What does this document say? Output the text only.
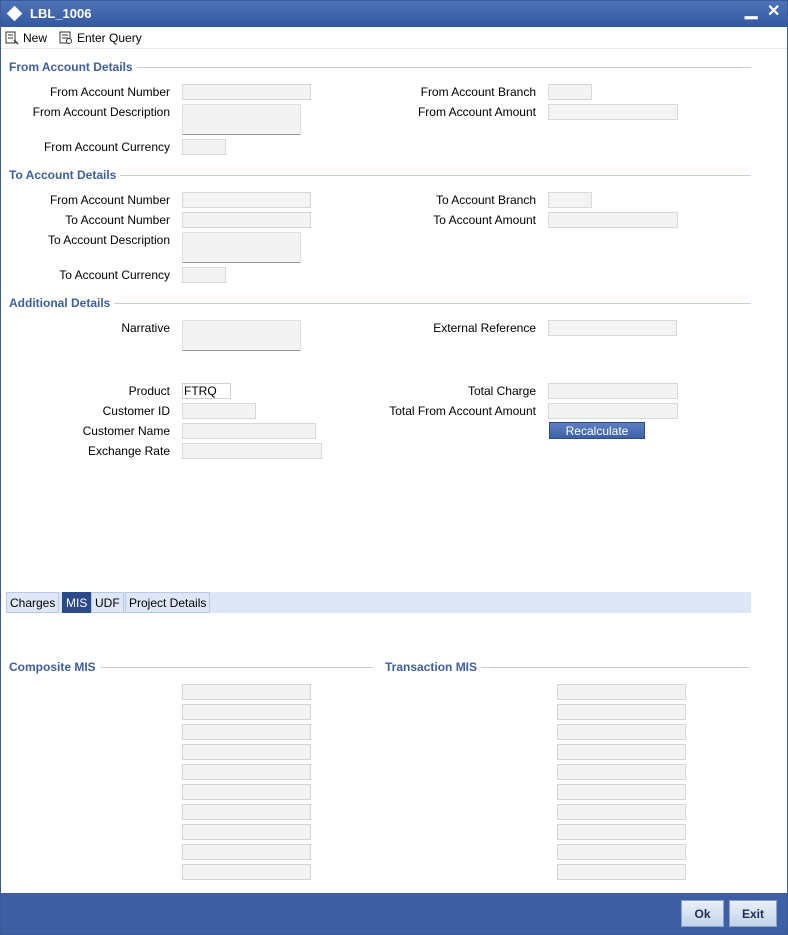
LBL_1006	▁ ✕
New Enter Query
From Account Details
From Account Number	From Account Branch
From Account Description	From Account Amount
From Account Currency
To Account Details
From Account Number	To Account Branch
To Account Number	To Account Amount
To Account Description
To Account Currency
Additional Details
Narrative	External Reference
Product FTRQ	Total Charge
Customer ID	Total From Account Amount
Customer Name	Recalculate
Exchange Rate
Charges MIS UDF Project Details
Composite MIS	Transaction MIS
Ok	Exit
